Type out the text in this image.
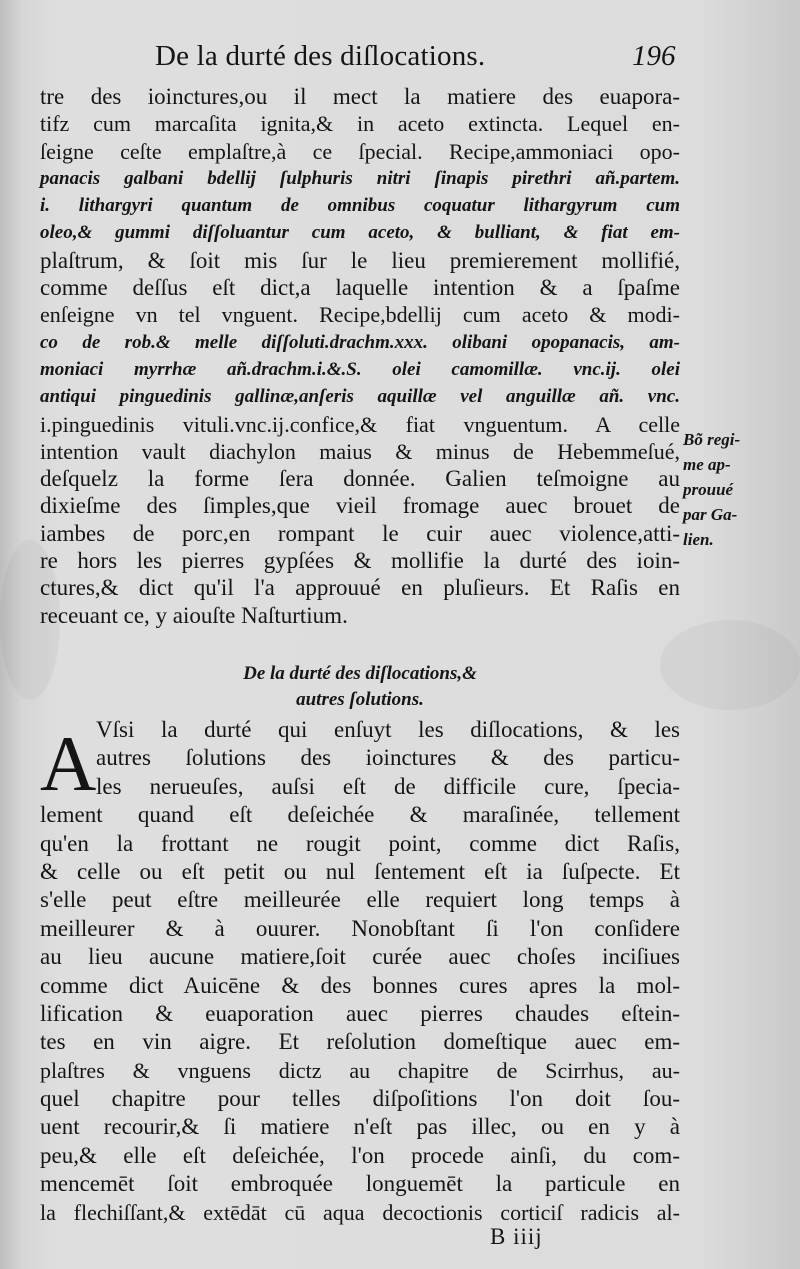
De la durté des diſlocations.	196
tre des ioinctures,ou il mect la matiere des euapora-
tifz cum marcaſita ignita,& in aceto extincta. Lequel en-
ſeigne ceſte emplaſtre,à ce ſpecial. Recipe,ammoniaci opo-
panacis galbani bdellij ſulphuris nitri ſinapis pirethri añ.partem.
i. lithargyri quantum de omnibus coquatur lithargyrum cum
oleo,& gummi diſſoluantur cum aceto, & bulliant, & fiat em-
plaſtrum, & ſoit mis ſur le lieu premierement mollifié,
comme deſſus eſt dict,a laquelle intention & a ſpaſme
enſeigne vn tel vnguent. Recipe,bdellij cum aceto & modi-
co de rob.& melle diſſoluti.drachm.xxx. olibani opopanacis, am-
moniaci myrrhæ añ.drachm.i.&.S. olei camomillæ. vnc.ij. olei
antiqui pinguedinis gallinæ,anſeris aquillæ vel anguillæ añ. vnc.
i.pinguedinis vituli.vnc.ij.confice,& fiat vnguentum. A celle
intention vault diachylon maius & minus de Hebemmeſué,
deſquelz la forme ſera donnée. Galien teſmoigne au
dixieſme des ſimples,que vieil fromage auec brouet de
iambes de porc,en rompant le cuir auec violence,atti-
re hors les pierres gypſées & mollifie la durté des ioin-
ctures,& dict qu'il l'a approuué en pluſieurs. Et Raſis en
receuant ce, y aiouſte Naſturtium.
Bõ regi-
me ap-
prouué
par Ga-
lien.
De la durté des diſlocations,&
autres ſolutions.
A Vſsi la durté qui enſuyt les diſlocations, & les
autres ſolutions des ioinctures & des particu-
les nerueuſes, auſsi eſt de difficile cure, ſpecia-
lement quand eſt deſeichée & maraſinée, tellement
qu'en la frottant ne rougit point, comme dict Raſis,
& celle ou eſt petit ou nul ſentement eſt ia ſuſpecte. Et
s'elle peut eſtre meilleurée elle requiert long temps à
meilleurer & à ouurer. Nonobſtant ſi l'on conſidere
au lieu aucune matiere,ſoit curée auec choſes inciſiues
comme dict Auicēne & des bonnes cures apres la mol-
lification & euaporation auec pierres chaudes eſtein-
tes en vin aigre. Et reſolution domeſtique auec em-
plaſtres & vnguens dictz au chapitre de Scirrhus, au-
quel chapitre pour telles diſpoſitions l'on doit ſou-
uent recourir,& ſi matiere n'eſt pas illec, ou en y à
peu,& elle eſt deſeichée, l'on procede ainſi, du com-
mencemēt ſoit embroquée longuemēt la particule en
la flechiſſant,& extēdāt cū aqua decoctionis corticiſ radicis al-
B iiij
